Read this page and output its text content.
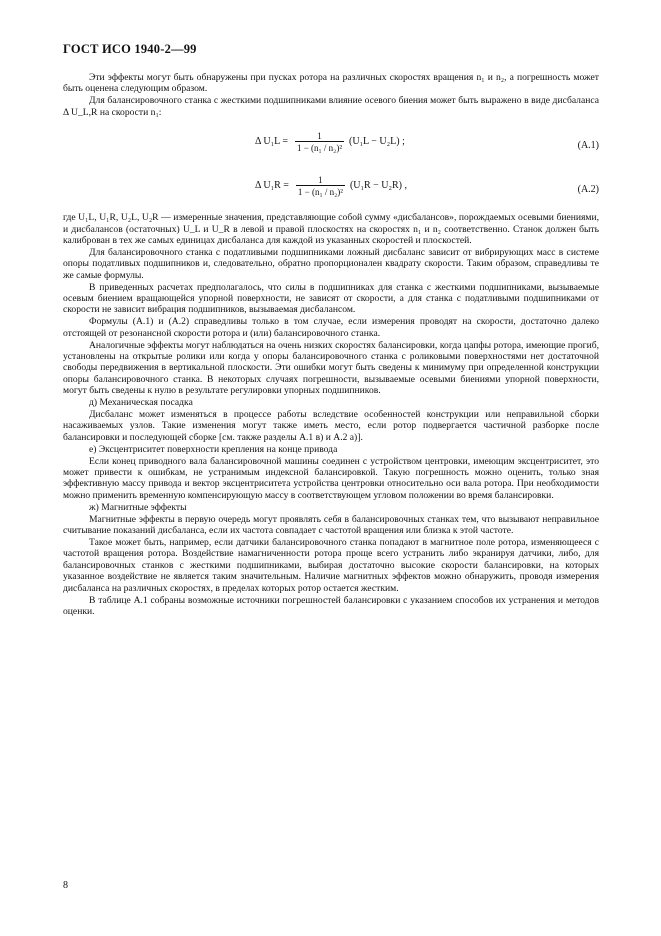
ГОСТ ИСО 1940-2—99

Эти эффекты могут быть обнаружены при пусках ротора на различных скоростях вращения n₁ и n₂, а погрешность может быть оценена следующим образом.

Для балансировочного станка с жесткими подшипниками влияние осевого биения может быть выражено в виде дисбаланса Δ U_L,R на скорости n₁:

Δ $U_1L = \frac{1}{\text{1 − (n₁ / n₂)²}} (U_1L - U_2L)$ ;	(A.1)
Δ $U_1R = \frac{1}{\text{1 − (n₁ / n₂)²}} (U_1R - U_2R)$ ,	(A.2)

где U₁L, U₁R, U₂L, U₂R — измеренные значения, представляющие собой сумму «дисбалансов», порождаемых осевыми биениями, и дисбалансов (остаточных) U_L и U_R в левой и правой плоскостях на скоростях n₁ и n₂ соответственно. Станок должен быть калиброван в тех же самых единицах дисбаланса для каждой из указанных скоростей и плоскостей.

Для балансировочного станка с податливыми подшипниками ложный дисбаланс зависит от вибрирующих масс в системе опоры податливых подшипников и, следовательно, обратно пропорционален квадрату скорости. Таким образом, справедливы те же самые формулы.

В приведенных расчетах предполагалось, что силы в подшипниках для станка с жесткими подшипниками, вызываемые осевым биением вращающейся упорной поверхности, не зависят от скорости, а для станка с податливыми подшипниками от скорости не зависит вибрация подшипников, вызываемая дисбалансом.

Формулы (A.1) и (A.2) справедливы только в том случае, если измерения проводят на скорости, достаточно далеко отстоящей от резонансной скорости ротора и (или) балансировочного станка.

Аналогичные эффекты могут наблюдаться на очень низких скоростях балансировки, когда цапфы ротора, имеющие прогиб, установлены на открытые ролики или когда у опоры балансировочного станка с роликовыми поверхностями нет достаточной свободы передвижения в вертикальной плоскости. Эти ошибки могут быть сведены к минимуму при определенной конструкции опоры балансировочного станка. В некоторых случаях погрешности, вызываемые осевыми биениями упорной поверхности, могут быть сведены к нулю в результате регулировки упорных подшипников.

д) Механическая посадка

Дисбаланс может изменяться в процессе работы вследствие особенностей конструкции или неправильной сборки насаживаемых узлов. Такие изменения могут также иметь место, если ротор подвергается частичной разборке после балансировки и последующей сборке [см. также разделы A.1 в) и A.2 а)].

е) Эксцентриситет поверхности крепления на конце привода

Если конец приводного вала балансировочной машины соединен с устройством центровки, имеющим эксцентриситет, это может привести к ошибкам, не устранимым индексной балансировкой. Такую погрешность можно оценить, только зная эффективную массу привода и вектор эксцентриситета устройства центровки относительно оси вала ротора. При необходимости можно применить временную компенсирующую массу в соответствующем угловом положении во время балансировки.

ж) Магнитные эффекты

Магнитные эффекты в первую очередь могут проявлять себя в балансировочных станках тем, что вызывают неправильное считывание показаний дисбаланса, если их частота совпадает с частотой вращения или близка к этой частоте.

Такое может быть, например, если датчики балансировочного станка попадают в магнитное поле ротора, изменяющееся с частотой вращения ротора. Воздействие намагниченности ротора проще всего устранить либо экранируя датчики, либо, для балансировочных станков с жесткими подшипниками, выбирая достаточно высокие скорости балансировки, на которых указанное воздействие не является таким значительным. Наличие магнитных эффектов можно обнаружить, проводя измерения дисбаланса на различных скоростях, в пределах которых ротор остается жестким.

В таблице A.1 собраны возможные источники погрешностей балансировки с указанием способов их устранения и методов оценки.

8
